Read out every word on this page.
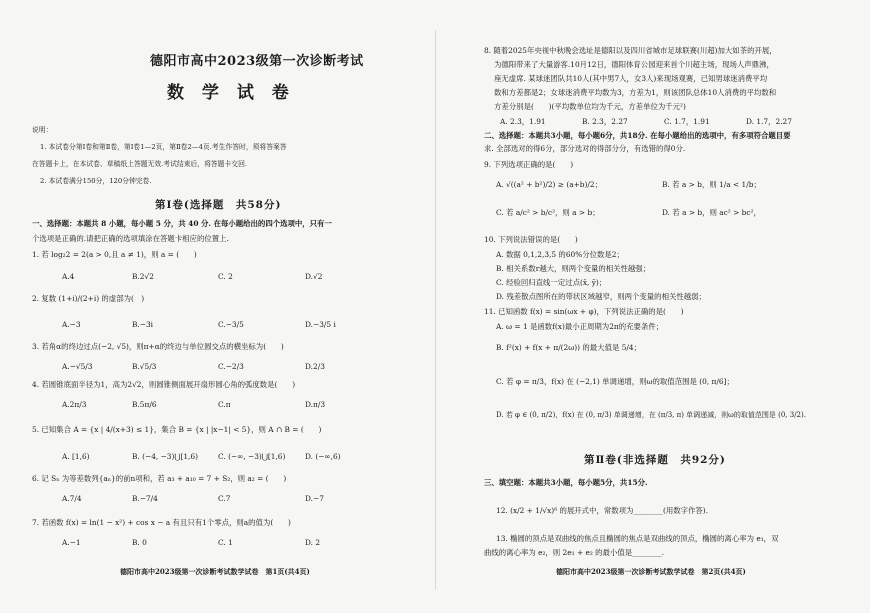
德阳市高中2023级第一次诊断考试
数 学 试 卷
说明：
1. 本试卷分第Ⅰ卷和第Ⅱ卷，第Ⅰ卷1—2页，第Ⅱ卷2—4页.考生作答时，须将答案答
在答题卡上，在本试卷、草稿纸上答题无效.考试结束后，将答题卡交回.
2. 本试卷满分150分，120分钟完卷.
第Ⅰ卷(选择题　共58分)
一、选择题：本题共 8 小题，每小题 5 分，共 40 分. 在每小题给出的四个选项中，只有一
个选项是正确的.请把正确的选项填涂在答题卡相应的位置上.
1. 若 log₂2 = 2(a > 0,且 a ≠ 1)，则 a = (　　)
A.4	B.2√2	C. 2	D.√2
2. 复数 (1+i)/(2+i) 的虚部为(　)
A.−3	B.−3i	C.−3/5	D.−3/5 i
3. 若角α的终边过点(−2, √5)，则π+α的终边与单位圆交点的横坐标为(　　)
A.−√5/3	B.√5/3	C.−2/3	D.2/3
4. 若圆锥底面半径为1，高为2√2，则圆锥侧面展开扇形圆心角的弧度数是(　　)
A.2π/3	B.5π/6	C.π	D.π/3
5. 已知集合 A = {x | 4/(x+3) ≤ 1}，集合 B = {x | |x−1| < 5}，则 A ∩ B = (　　)
A. [1,6)	B. (−4, −3)⋃[1,6)	C. (−∞, −3)⋃[1,6)	D. (−∞,6)
6. 记 Sₙ 为等差数列{aₙ}的前n项和，若 a₃ + a₁₀ = 7 + S₂，则 a₂ = (　　)
A.7/4	B.−7/4	C.7	D.−7
7. 若函数 f(x) = ln(1 − x²) + cos x − a 有且只有1个零点，则a的值为(　　)
A.−1	B. 0	C. 1	D. 2
德阳市高中2023级第一次诊断考试数学试卷　第1页(共4页)
8. 随着2025年央视中秋晚会选址是德阳以及四川省城市足球联赛(川超)加大如茶的开展，
为德阳带来了大量游客.10月12日，德阳体育公园迎来首个川超主场，现场人声鼎沸，
座无虚席. 某球迷团队共10人(其中男7人，女3人)来现场观赛，已知男球迷消费平均
数和方差都是2；女球迷消费平均数为3，方差为1，则该团队总体10人消费的平均数和
方差分别是(　　)(平均数单位均为千元，方差单位为千元²)
A. 2.3，1.91	B. 2.3，2.27	C. 1.7，1.91	D. 1.7，2.27
二、选择题：本题共3小题，每小题6分，共18分. 在每小题给出的选项中，有多项符合题目要
求. 全部选对的得6分，部分选对的得部分分，有选错的得0分.
9. 下列选项正确的是(　　)
A. √((a² + b²)/2) ≥ (a+b)/2；	B. 若 a > b，则 1/a < 1/b；
C. 若 a/c² > b/c²，则 a > b；	D. 若 a > b，则 ac² > bc²，
10. 下列说法错误的是(　　)
A. 数据 0,1,2,3,5 的60%分位数是2；
B. 相关系数r越大，则两个变量的相关性越强；
C. 经验回归直线一定过点(x̄, ȳ)；
D. 残差散点图所在的带状区域越窄，则两个变量的相关性越弱；
11. 已知函数 f(x) = sin(ωx + φ)，下列说法正确的是(　　)
A. ω = 1 是函数f(x)最小正周期为2π的充要条件；
B. f²(x) + f(x + π/(2ω)) 的最大值是 5/4；
C. 若 φ = π/3，f(x) 在 (−2,1) 单调递增，则ω的取值范围是 (0, π/6]；
D. 若 φ ∈ (0, π/2)，f(x) 在 (0, π/3) 单调递增，在 (π/3, π) 单调递减，则ω的取值范围是 (0, 3/2).
第Ⅱ卷(非选择题　共92分)
三、填空题：本题共3小题，每小题5分，共15分.
12. (x/2 + 1/√x)⁶ 的展开式中，常数项为________(用数字作答).
13. 椭圆的顶点是双曲线的焦点且椭圆的焦点是双曲线的顶点，椭圆的离心率为 e₁，双
曲线的离心率为 e₂，则 2e₁ + e₂ 的最小值是________.
德阳市高中2023级第一次诊断考试数学试卷　第2页(共4页)
